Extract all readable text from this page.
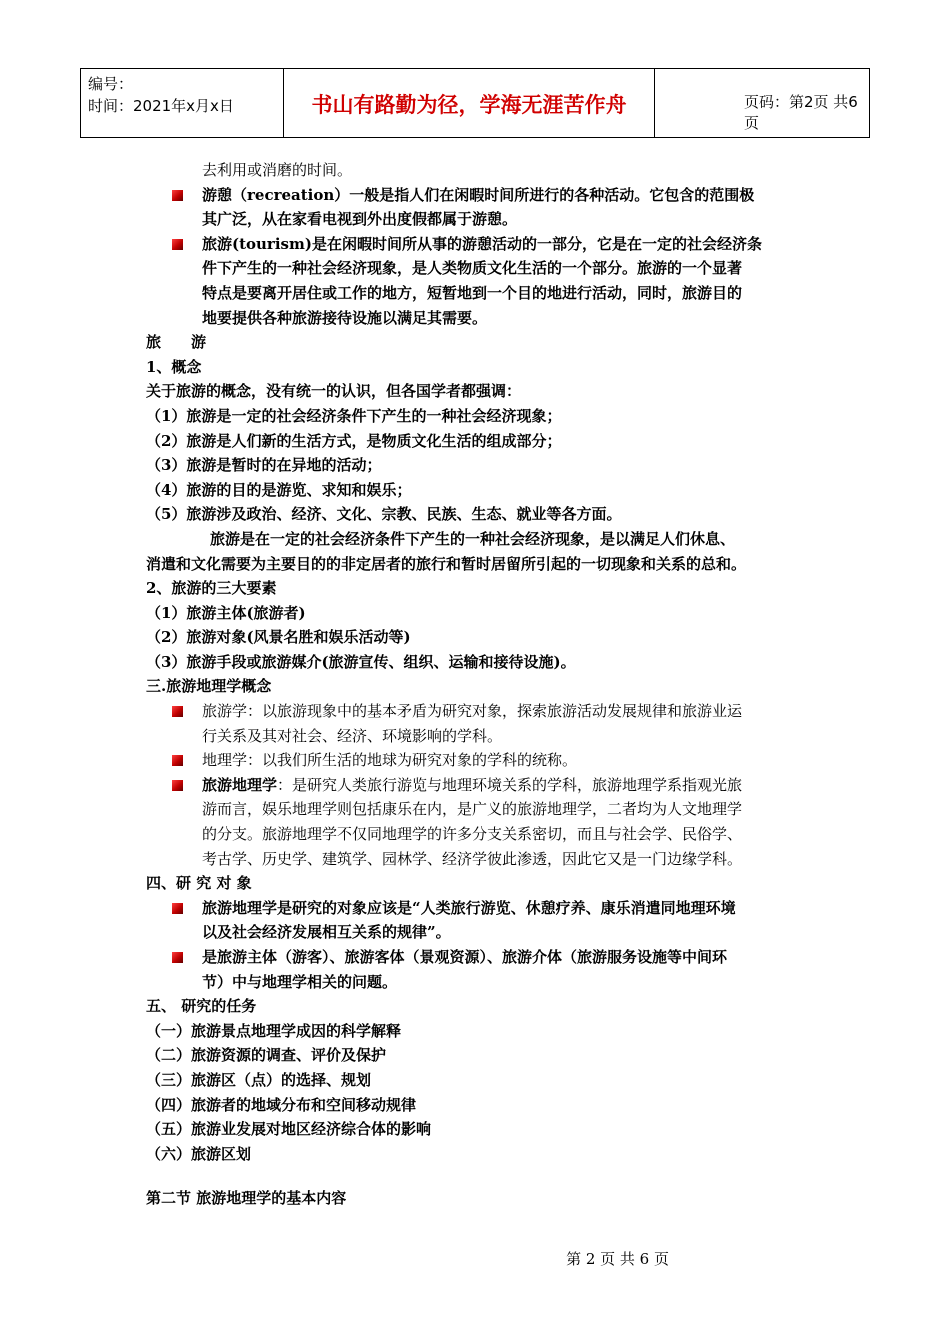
编号：
时间：2021年x月x日	书山有路勤为径，学海无涯苦作舟	页码：第2页 共6页
去利用或消磨的时间。
游憩（recreation）一般是指人们在闲暇时间所进行的各种活动。它包含的范围极
其广泛，从在家看电视到外出度假都属于游憩。
旅游(tourism)是在闲暇时间所从事的游憩活动的一部分，它是在一定的社会经济条
件下产生的一种社会经济现象，是人类物质文化生活的一个部分。旅游的一个显著
特点是要离开居住或工作的地方，短暂地到一个目的地进行活动，同时，旅游目的
地要提供各种旅游接待设施以满足其需要。
旅　　游
1、概念
关于旅游的概念，没有统一的认识，但各国学者都强调：
（1）旅游是一定的社会经济条件下产生的一种社会经济现象；
（2）旅游是人们新的生活方式，是物质文化生活的组成部分；
（3）旅游是暂时的在异地的活动；
（4）旅游的目的是游览、求知和娱乐；
（5）旅游涉及政治、经济、文化、宗教、民族、生态、就业等各方面。
旅游是在一定的社会经济条件下产生的一种社会经济现象，是以满足人们休息、
消遣和文化需要为主要目的的非定居者的旅行和暂时居留所引起的一切现象和关系的总和。
2、旅游的三大要素
（1）旅游主体(旅游者)
（2）旅游对象(风景名胜和娱乐活动等)
（3）旅游手段或旅游媒介(旅游宣传、组织、运输和接待设施)。
三.旅游地理学概念
旅游学：以旅游现象中的基本矛盾为研究对象，探索旅游活动发展规律和旅游业运
行关系及其对社会、经济、环境影响的学科。
地理学：以我们所生活的地球为研究对象的学科的统称。
旅游地理学：是研究人类旅行游览与地理环境关系的学科，旅游地理学系指观光旅
游而言，娱乐地理学则包括康乐在内，是广义的旅游地理学，二者均为人文地理学
的分支。旅游地理学不仅同地理学的许多分支关系密切，而且与社会学、民俗学、
考古学、历史学、建筑学、园林学、经济学彼此渗透，因此它又是一门边缘学科。
四、研 究 对 象
旅游地理学是研究的对象应该是“人类旅行游览、休憩疗养、康乐消遣同地理环境
以及社会经济发展相互关系的规律”。
是旅游主体（游客）、旅游客体（景观资源）、旅游介体（旅游服务设施等中间环
节）中与地理学相关的问题。
五、 研究的任务
（一）旅游景点地理学成因的科学解释
（二）旅游资源的调查、评价及保护
（三）旅游区（点）的选择、规划
（四）旅游者的地域分布和空间移动规律
（五）旅游业发展对地区经济综合体的影响
（六）旅游区划
第二节 旅游地理学的基本内容
第 2 页 共 6 页
